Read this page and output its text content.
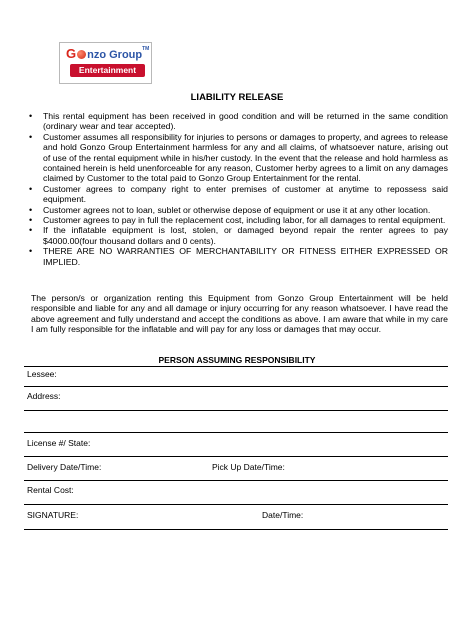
G nzo Group™
Entertainment
LIABILITY RELEASE
• This rental equipment has been received in good condition and will be returned in the same condition (ordinary wear and tear accepted).
• Customer assumes all responsibility for injuries to persons or damages to property, and agrees to release and hold Gonzo Group Entertainment harmless for any and all claims, of whatsoever nature, arising out of use of the rental equipment while in his/her custody. In the event that the release and hold harmless as contained herein is held unenforceable for any reason, Customer herby agrees to a limit on any damages claimed by Customer to the total paid to Gonzo Group Entertainment for the rental.
• Customer agrees to company right to enter premises of customer at anytime to repossess said equipment.
• Customer agrees not to loan, sublet or otherwise depose of equipment or use it at any other location.
• Customer agrees to pay in full the replacement cost, including labor, for all damages to rental equipment.
• If the inflatable equipment is lost, stolen, or damaged beyond repair the renter agrees to pay $4000.00(four thousand dollars and 0 cents).
• THERE ARE NO WARRANTIES OF MERCHANTABILITY OR FITNESS EITHER EXPRESSED OR IMPLIED.

The person/s or organization renting this Equipment from Gonzo Group Entertainment will be held responsible and liable for any and all damage or injury occurring for any reason whatsoever. I have read the above agreement and fully understand and accept the conditions as above. I am aware that while in my care I am fully responsible for the inflatable and will pay for any loss or damages that may occur.

PERSON ASSUMING RESPONSIBILITY
Lessee:
Address:
License #/ State:
Delivery Date/Time:	Pick Up Date/Time:
Rental Cost:
SIGNATURE:	Date/Time:
